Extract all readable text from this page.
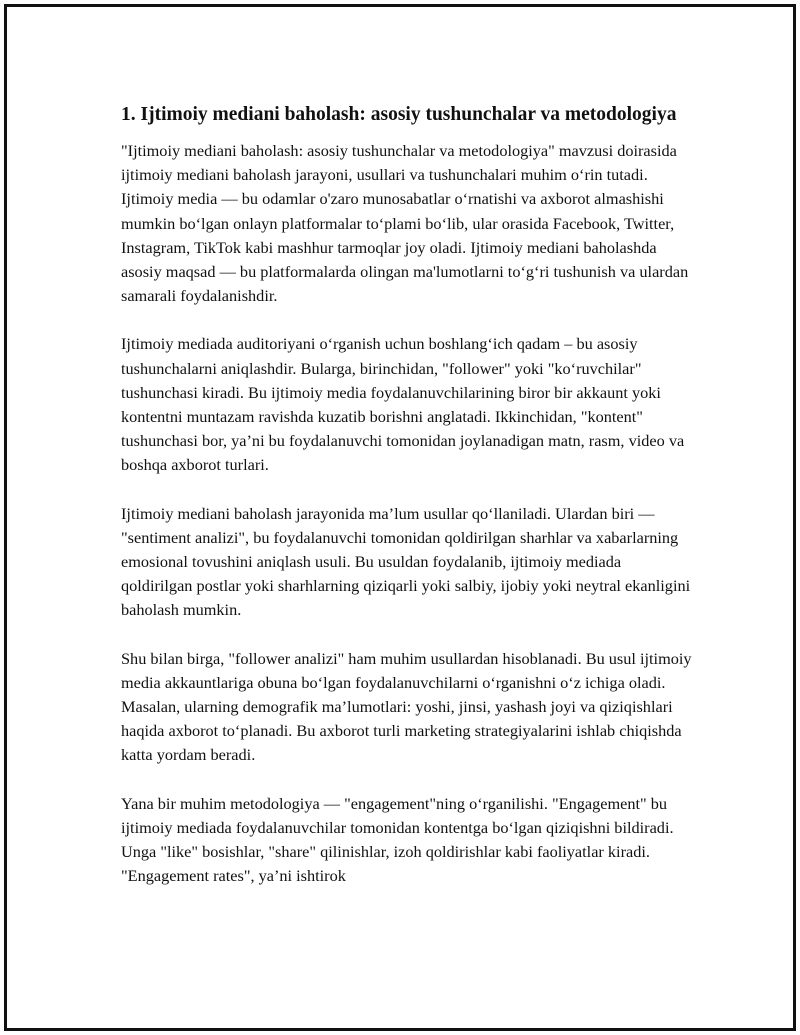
1. Ijtimoiy mediani baholash: asosiy tushunchalar va metodologiya

"Ijtimoiy mediani baholash: asosiy tushunchalar va metodologiya" mavzusi doirasida ijtimoiy mediani baholash jarayoni, usullari va tushunchalari muhim oʻrin tutadi. Ijtimoiy media — bu odamlar o'zaro munosabatlar oʻrnatishi va axborot almashishi mumkin boʻlgan onlayn platformalar toʻplami boʻlib, ular orasida Facebook, Twitter, Instagram, TikTok kabi mashhur tarmoqlar joy oladi. Ijtimoiy mediani baholashda asosiy maqsad — bu platformalarda olingan ma'lumotlarni toʻgʻri tushunish va ulardan samarali foydalanishdir.

Ijtimoiy mediada auditoriyani oʻrganish uchun boshlangʻich qadam – bu asosiy tushunchalarni aniqlashdir. Bularga, birinchidan, "follower" yoki "koʻruvchilar" tushunchasi kiradi. Bu ijtimoiy media foydalanuvchilarining biror bir akkaunt yoki kontentni muntazam ravishda kuzatib borishni anglatadi. Ikkinchidan, "kontent" tushunchasi bor, ya’ni bu foydalanuvchi tomonidan joylanadigan matn, rasm, video va boshqa axborot turlari.

Ijtimoiy mediani baholash jarayonida ma’lum usullar qoʻllaniladi. Ulardan biri — "sentiment analizi", bu foydalanuvchi tomonidan qoldirilgan sharhlar va xabarlarning emosional tovushini aniqlash usuli. Bu usuldan foydalanib, ijtimoiy mediada qoldirilgan postlar yoki sharhlarning qiziqarli yoki salbiy, ijobiy yoki neytral ekanligini baholash mumkin.

Shu bilan birga, "follower analizi" ham muhim usullardan hisoblanadi. Bu usul ijtimoiy media akkauntlariga obuna boʻlgan foydalanuvchilarni oʻrganishni oʻz ichiga oladi. Masalan, ularning demografik ma’lumotlari: yoshi, jinsi, yashash joyi va qiziqishlari haqida axborot toʻplanadi. Bu axborot turli marketing strategiyalarini ishlab chiqishda katta yordam beradi.

Yana bir muhim metodologiya — "engagement"ning oʻrganilishi. "Engagement" bu ijtimoiy mediada foydalanuvchilar tomonidan kontentga boʻlgan qiziqishni bildiradi. Unga "like" bosishlar, "share" qilinishlar, izoh qoldirishlar kabi faoliyatlar kiradi. "Engagement rates", ya’ni ishtirok
